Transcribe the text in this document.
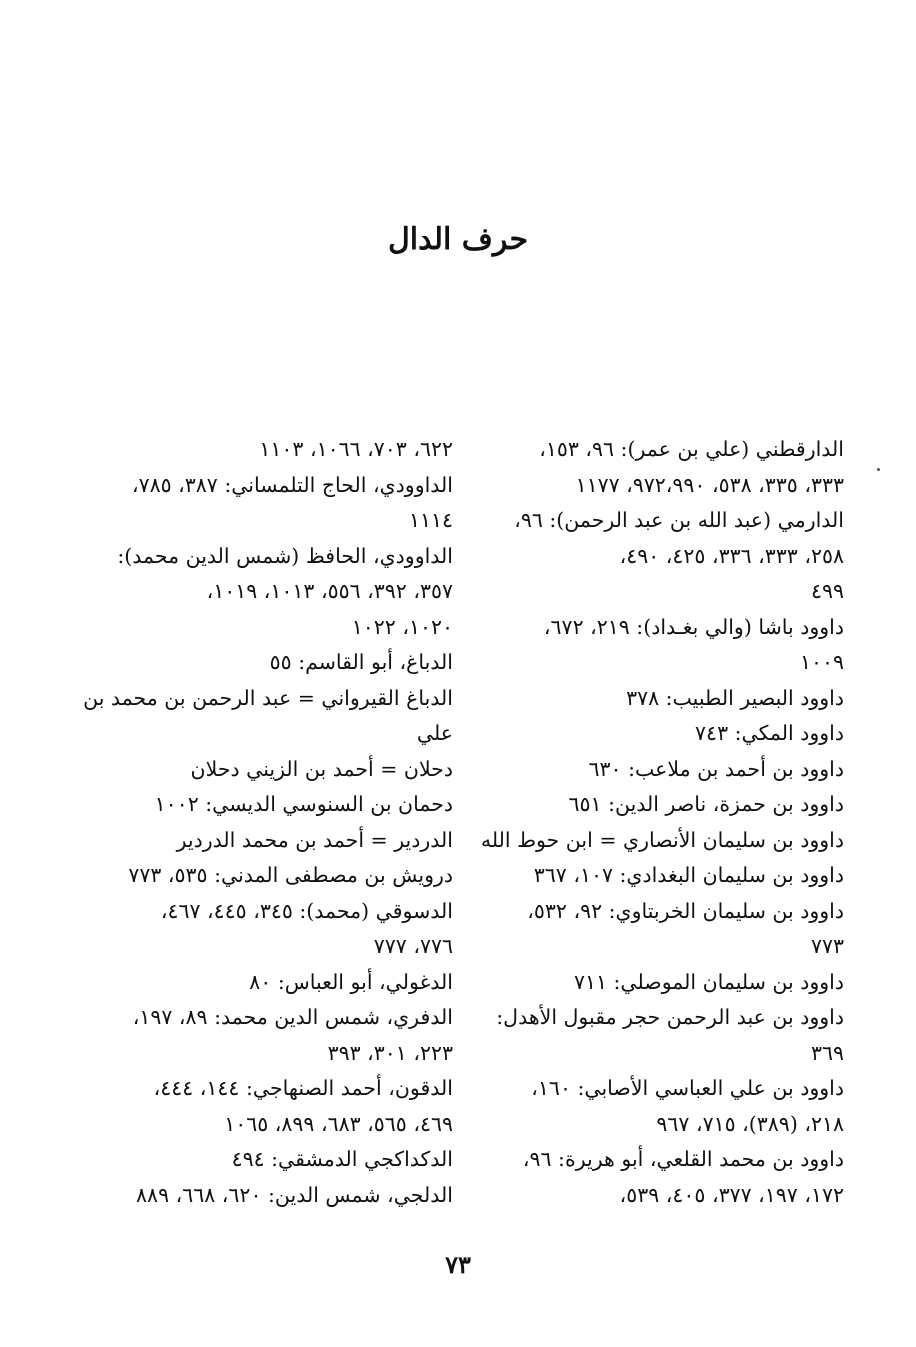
حرف الدال
الدارقطني (علي بن عمر): ٩٦، ١٥٣،
٣٣٣، ٣٣٥، ٥٣٨، ٩٧٢،٩٩٠، ١١٧٧
الدارمي (عبد الله بن عبد الرحمن): ٩٦،
٢٥٨، ٣٣٣، ٣٣٦، ٤٢٥، ٤٩٠،
٤٩٩
داوود باشا (والي بغـداد): ٢١٩، ٦٧٢،
١٠٠٩
داوود البصير الطبيب: ٣٧٨
داوود المكي: ٧٤٣
داوود بن أحمد بن ملاعب: ٦٣٠
داوود بن حمزة، ناصر الدين: ٦٥١
داوود بن سليمان الأنصاري = ابن حوط الله
داوود بن سليمان البغدادي: ١٠٧، ٣٦٧
داوود بن سليمان الخربتاوي: ٩٢، ٥٣٢،
٧٧٣
داوود بن سليمان الموصلي: ٧١١
داوود بن عبد الرحمن حجر مقبول الأهدل:
٣٦٩
داوود بن علي العباسي الأصابي: ١٦٠،
٢١٨، (٣٨٩)، ٧١٥، ٩٦٧
داوود بن محمد القلعي، أبو هريرة: ٩٦،
١٧٢، ١٩٧، ٣٧٧، ٤٠٥، ٥٣٩،
٦٢٢، ٧٠٣، ١٠٦٦، ١١٠٣
الداوودي، الحاج التلمساني: ٣٨٧، ٧٨٥،
١١١٤
الداوودي، الحافظ (شمس الدين محمد):
٣٥٧، ٣٩٢، ٥٥٦، ١٠١٣، ١٠١٩،
١٠٢٠، ١٠٢٢
الدباغ، أبو القاسم: ٥٥
الدباغ القيرواني = عبد الرحمن بن محمد بن
علي
دحلان = أحمد بن الزيني دحلان
دحمان بن السنوسي الديسي: ١٠٠٢
الدردير = أحمد بن محمد الدردير
درويش بن مصطفى المدني: ٥٣٥، ٧٧٣
الدسوقي (محمد): ٣٤٥، ٤٤٥، ٤٦٧،
٧٧٦، ٧٧٧
الدغولي، أبو العباس: ٨٠
الدفري، شمس الدين محمد: ٨٩، ١٩٧،
٢٢٣، ٣٠١، ٣٩٣
الدقون، أحمد الصنهاجي: ١٤٤، ٤٤٤،
٤٦٩، ٥٦٥، ٦٨٣، ٨٩٩، ١٠٦٥
الدكداكجي الدمشقي: ٤٩٤
الدلجي، شمس الدين: ٦٢٠، ٦٦٨، ٨٨٩
٧٣
